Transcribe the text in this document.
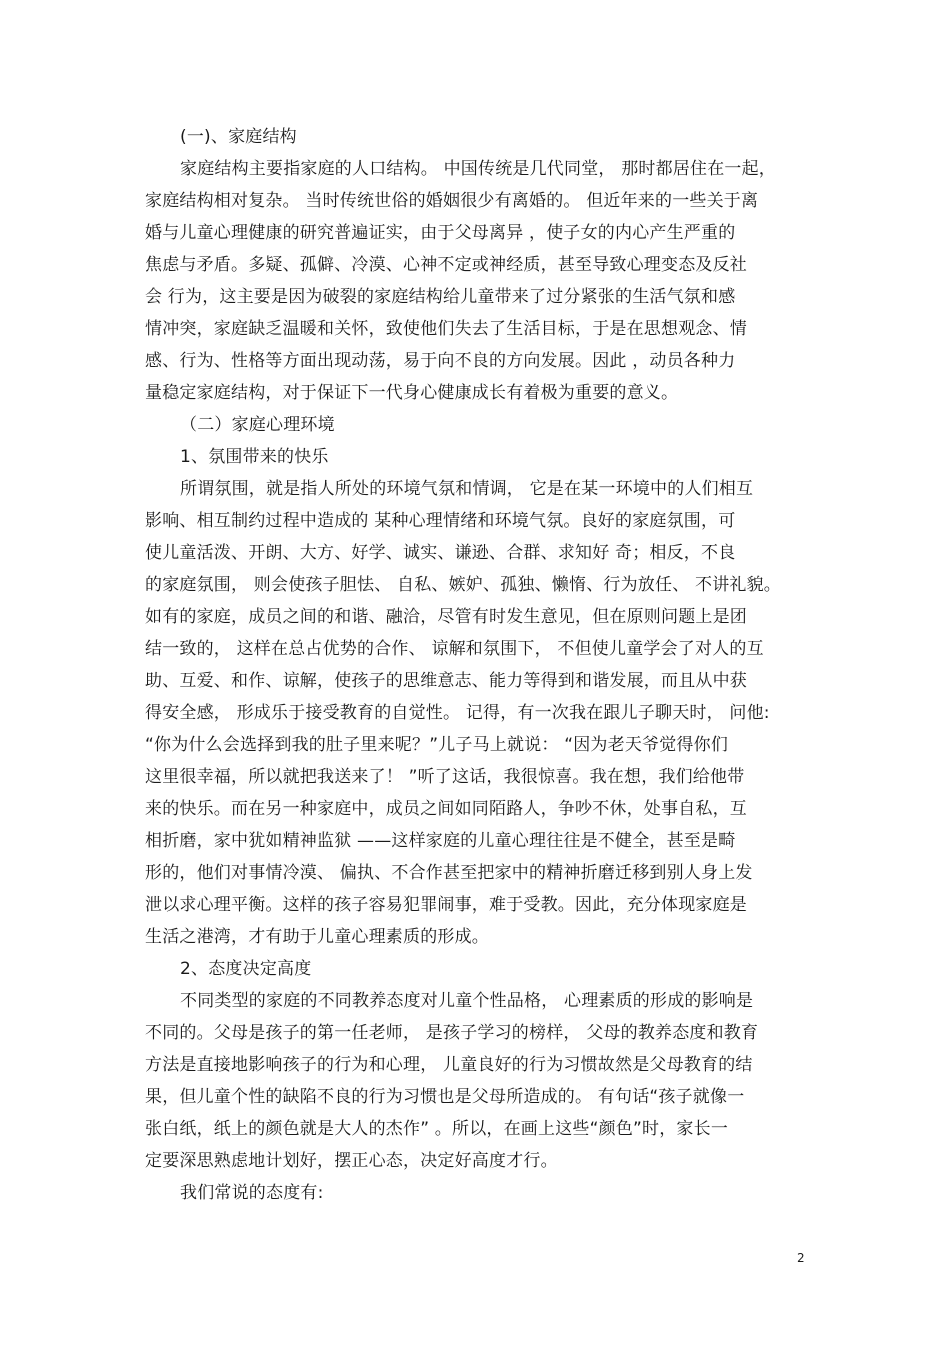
(一)、家庭结构
家庭结构主要指家庭的人口结构。 中国传统是几代同堂， 那时都居住在一起，
家庭结构相对复杂。 当时传统世俗的婚姻很少有离婚的。 但近年来的一些关于离
婚与儿童心理健康的研究普遍证实，由于父母离异 ，使子女的内心产生严重的
焦虑与矛盾。多疑、孤僻、冷漠、心神不定或神经质，甚至导致心理变态及反社
会 行为，这主要是因为破裂的家庭结构给儿童带来了过分紧张的生活气氛和感
情冲突，家庭缺乏温暖和关怀，致使他们失去了生活目标，于是在思想观念、情
感、行为、性格等方面出现动荡，易于向不良的方向发展。因此 ，动员各种力
量稳定家庭结构，对于保证下一代身心健康成长有着极为重要的意义。
（二）家庭心理环境
1、氛围带来的快乐
所谓氛围，就是指人所处的环境气氛和情调， 它是在某一环境中的人们相互
影响、相互制约过程中造成的 某种心理情绪和环境气氛。良好的家庭氛围，可
使儿童活泼、开朗、大方、好学、诚实、谦逊、合群、求知好 奇；相反，不良
的家庭氛围， 则会使孩子胆怯、 自私、嫉妒、孤独、懒惰、行为放任、 不讲礼貌。
如有的家庭，成员之间的和谐、融洽，尽管有时发生意见，但在原则问题上是团
结一致的， 这样在总占优势的合作、 谅解和氛围下， 不但使儿童学会了对人的互
助、互爱、和作、谅解，使孩子的思维意志、能力等得到和谐发展，而且从中获
得安全感， 形成乐于接受教育的自觉性。 记得，有一次我在跟儿子聊天时， 问他:
“你为什么会选择到我的肚子里来呢？”儿子马上就说： “因为老天爷觉得你们
这里很幸福，所以就把我送来了！ ”听了这话，我很惊喜。我在想，我们给他带
来的快乐。而在另一种家庭中，成员之间如同陌路人，争吵不休，处事自私，互
相折磨，家中犹如精神监狱 ——这样家庭的儿童心理往往是不健全，甚至是畸
形的，他们对事情冷漠、 偏执、不合作甚至把家中的精神折磨迁移到别人身上发
泄以求心理平衡。这样的孩子容易犯罪闹事，难于受教。因此，充分体现家庭是
生活之港湾，才有助于儿童心理素质的形成。
2、态度决定高度
不同类型的家庭的不同教养态度对儿童个性品格， 心理素质的形成的影响是
不同的。父母是孩子的第一任老师， 是孩子学习的榜样， 父母的教养态度和教育
方法是直接地影响孩子的行为和心理， 儿童良好的行为习惯故然是父母教育的结
果，但儿童个性的缺陷不良的行为习惯也是父母所造成的。 有句话“孩子就像一
张白纸，纸上的颜色就是大人的杰作” 。所以，在画上这些“颜色”时，家长一
定要深思熟虑地计划好，摆正心态，决定好高度才行。
我们常说的态度有:
2
